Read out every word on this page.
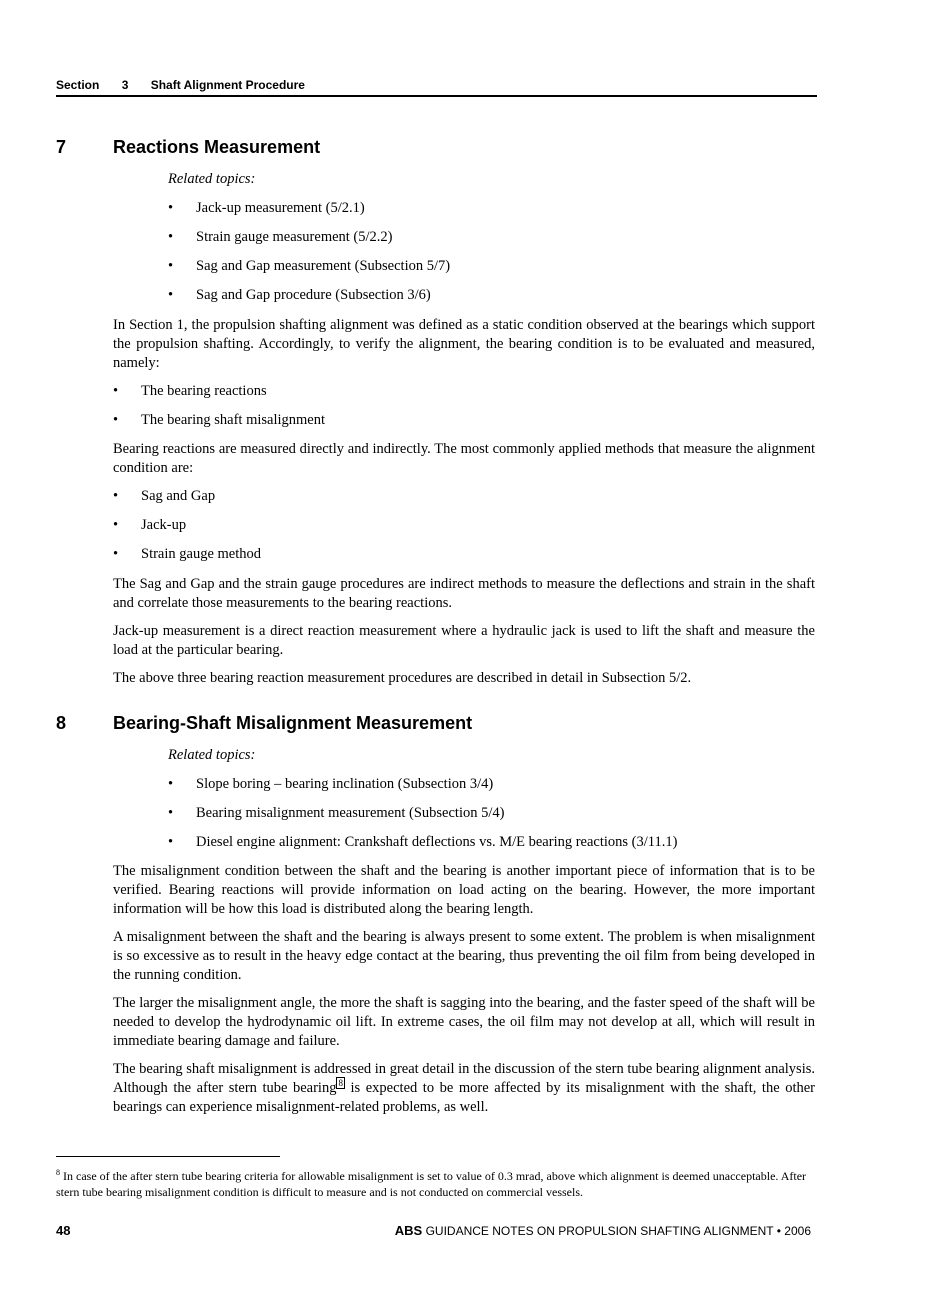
Section 3 Shaft Alignment Procedure
7	Reactions Measurement
Related topics:
• Jack-up measurement (5/2.1)
• Strain gauge measurement (5/2.2)
• Sag and Gap measurement (Subsection 5/7)
• Sag and Gap procedure (Subsection 3/6)

In Section 1, the propulsion shafting alignment was defined as a static condition observed at the bearings which support the propulsion shafting. Accordingly, to verify the alignment, the bearing condition is to be evaluated and measured, namely:

• The bearing reactions
• The bearing shaft misalignment

Bearing reactions are measured directly and indirectly. The most commonly applied methods that measure the alignment condition are:

• Sag and Gap
• Jack-up
• Strain gauge method

The Sag and Gap and the strain gauge procedures are indirect methods to measure the deflections and strain in the shaft and correlate those measurements to the bearing reactions.

Jack-up measurement is a direct reaction measurement where a hydraulic jack is used to lift the shaft and measure the load at the particular bearing.

The above three bearing reaction measurement procedures are described in detail in Subsection 5/2.

8	Bearing-Shaft Misalignment Measurement
Related topics:
• Slope boring – bearing inclination (Subsection 3/4)
• Bearing misalignment measurement (Subsection 5/4)
• Diesel engine alignment: Crankshaft deflections vs. M/E bearing reactions (3/11.1)

The misalignment condition between the shaft and the bearing is another important piece of information that is to be verified. Bearing reactions will provide information on load acting on the bearing. However, the more important information will be how this load is distributed along the bearing length.

A misalignment between the shaft and the bearing is always present to some extent. The problem is when misalignment is so excessive as to result in the heavy edge contact at the bearing, thus preventing the oil film from being developed in the running condition.

The larger the misalignment angle, the more the shaft is sagging into the bearing, and the faster speed of the shaft will be needed to develop the hydrodynamic oil lift. In extreme cases, the oil film may not develop at all, which will result in immediate bearing damage and failure.

The bearing shaft misalignment is addressed in great detail in the discussion of the stern tube bearing alignment analysis. Although the after stern tube bearing $^8$ is expected to be more affected by its misalignment with the shaft, the other bearings can experience misalignment-related problems, as well.

$^8$ In case of the after stern tube bearing criteria for allowable misalignment is set to value of 0.3 mrad, above which alignment is deemed unacceptable. After stern tube bearing misalignment condition is difficult to measure and is not conducted on commercial vessels.

48	ABS GUIDANCE NOTES ON PROPULSION SHAFTING ALIGNMENT • 2006
